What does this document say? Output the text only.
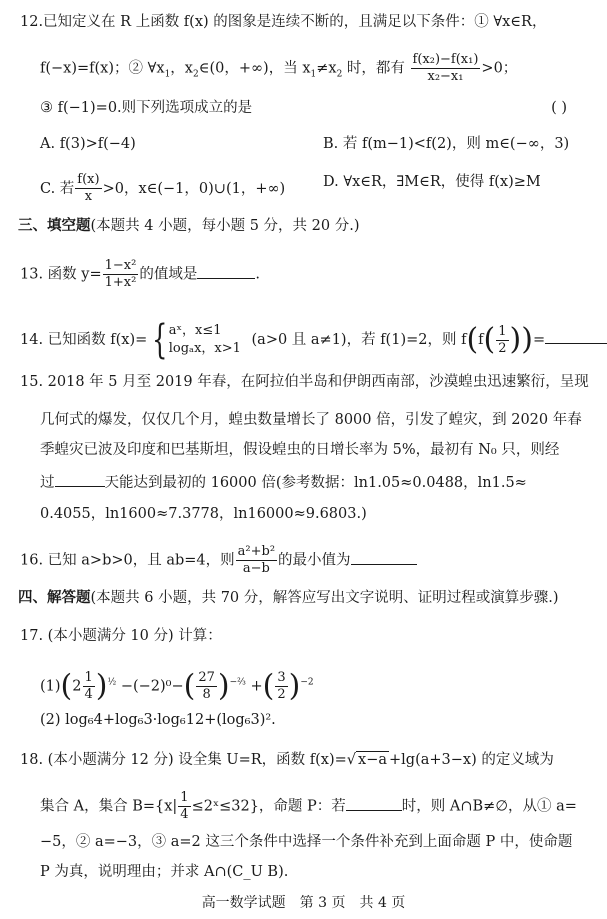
12.已知定义在 R 上函数 f(x) 的图象是连续不断的，且满足以下条件：① ∀x∈R，
f(−x)=f(x)；② $\forall x_1$，$x_2\in(0$，+∞)，当 $x_1\ne x_2$ 时，都有 $\frac{\text{f(x₂)−f(x₁)}}{\text{x₂−x₁}} >0$；
③ f(−1)=0.则下列选项成立的是	( )
A. f(3)>f(−4)	B. 若 f(m−1)<f(2)，则 m∈(−∞，3)
C. 若 $\frac{f(x)}{x} >0$，x∈(−1，0)∪(1，+∞)	D. ∀x∈R，∃M∈R，使得 f(x)≥M
三、填空题(本题共 4 小题，每小题 5 分，共 20 分.)
13. 函数 $y= \frac{\text{1−x²}}{\text{1+x²}}$ 的值域是	.
14. 已知函数 f(x)= { aˣ，x≤1
logₐx，x>1
(a>0 且 a≠1)，若 f(1)=2，则 $f(f( \frac{1}{2}$ ))=
15. 2018 年 5 月至 2019 年春，在阿拉伯半岛和伊朗西南部，沙漠蝗虫迅速繁衍，呈现
几何式的爆发，仅仅几个月，蝗虫数量增长了 8000 倍，引发了蝗灾，到 2020 年春
季蝗灾已波及印度和巴基斯坦，假设蝗虫的日增长率为 5%，最初有 N₀ 只，则经
过	天能达到最初的 16000 倍(参考数据：ln1.05≈0.0488，ln1.5≈
0.4055，ln1600≈7.3778，ln16000≈9.6803.)
16. 已知 a>b>0，且 ab=4，则 $\frac{\text{a²+b²}}{a-b}$ 的最小值为
四、解答题(本题共 6 小题，共 70 分，解答应写出文字说明、证明过程或演算步骤.)
17. (本小题满分 10 分) 计算：
$(1)(2 \frac{1}{4} )^{\frac{1}{2}} -(-2)^0-( \frac{27}{8} )^{-\frac{2}{3}}$ +( $\frac{3}{2} )^{-2}$
(2) log₆4+log₆3·log₆12+(log₆3)².
18. (本小题满分 12 分) 设全集 U=R，函数 f(x)=√ x−a +lg(a+3−x) 的定义域为
集合 A，集合 $B=\{x| \frac{1}{4}$ ≤2ˣ≤32}，命题 P：若	时，则 A∩B≠∅，从① a=
−5，② a=−3，③ a=2 这三个条件中选择一个条件补充到上面命题 P 中，使命题
P 为真，说明理由；并求 A∩(C_U B).
高一数学试题　第 3 页　共 4 页
